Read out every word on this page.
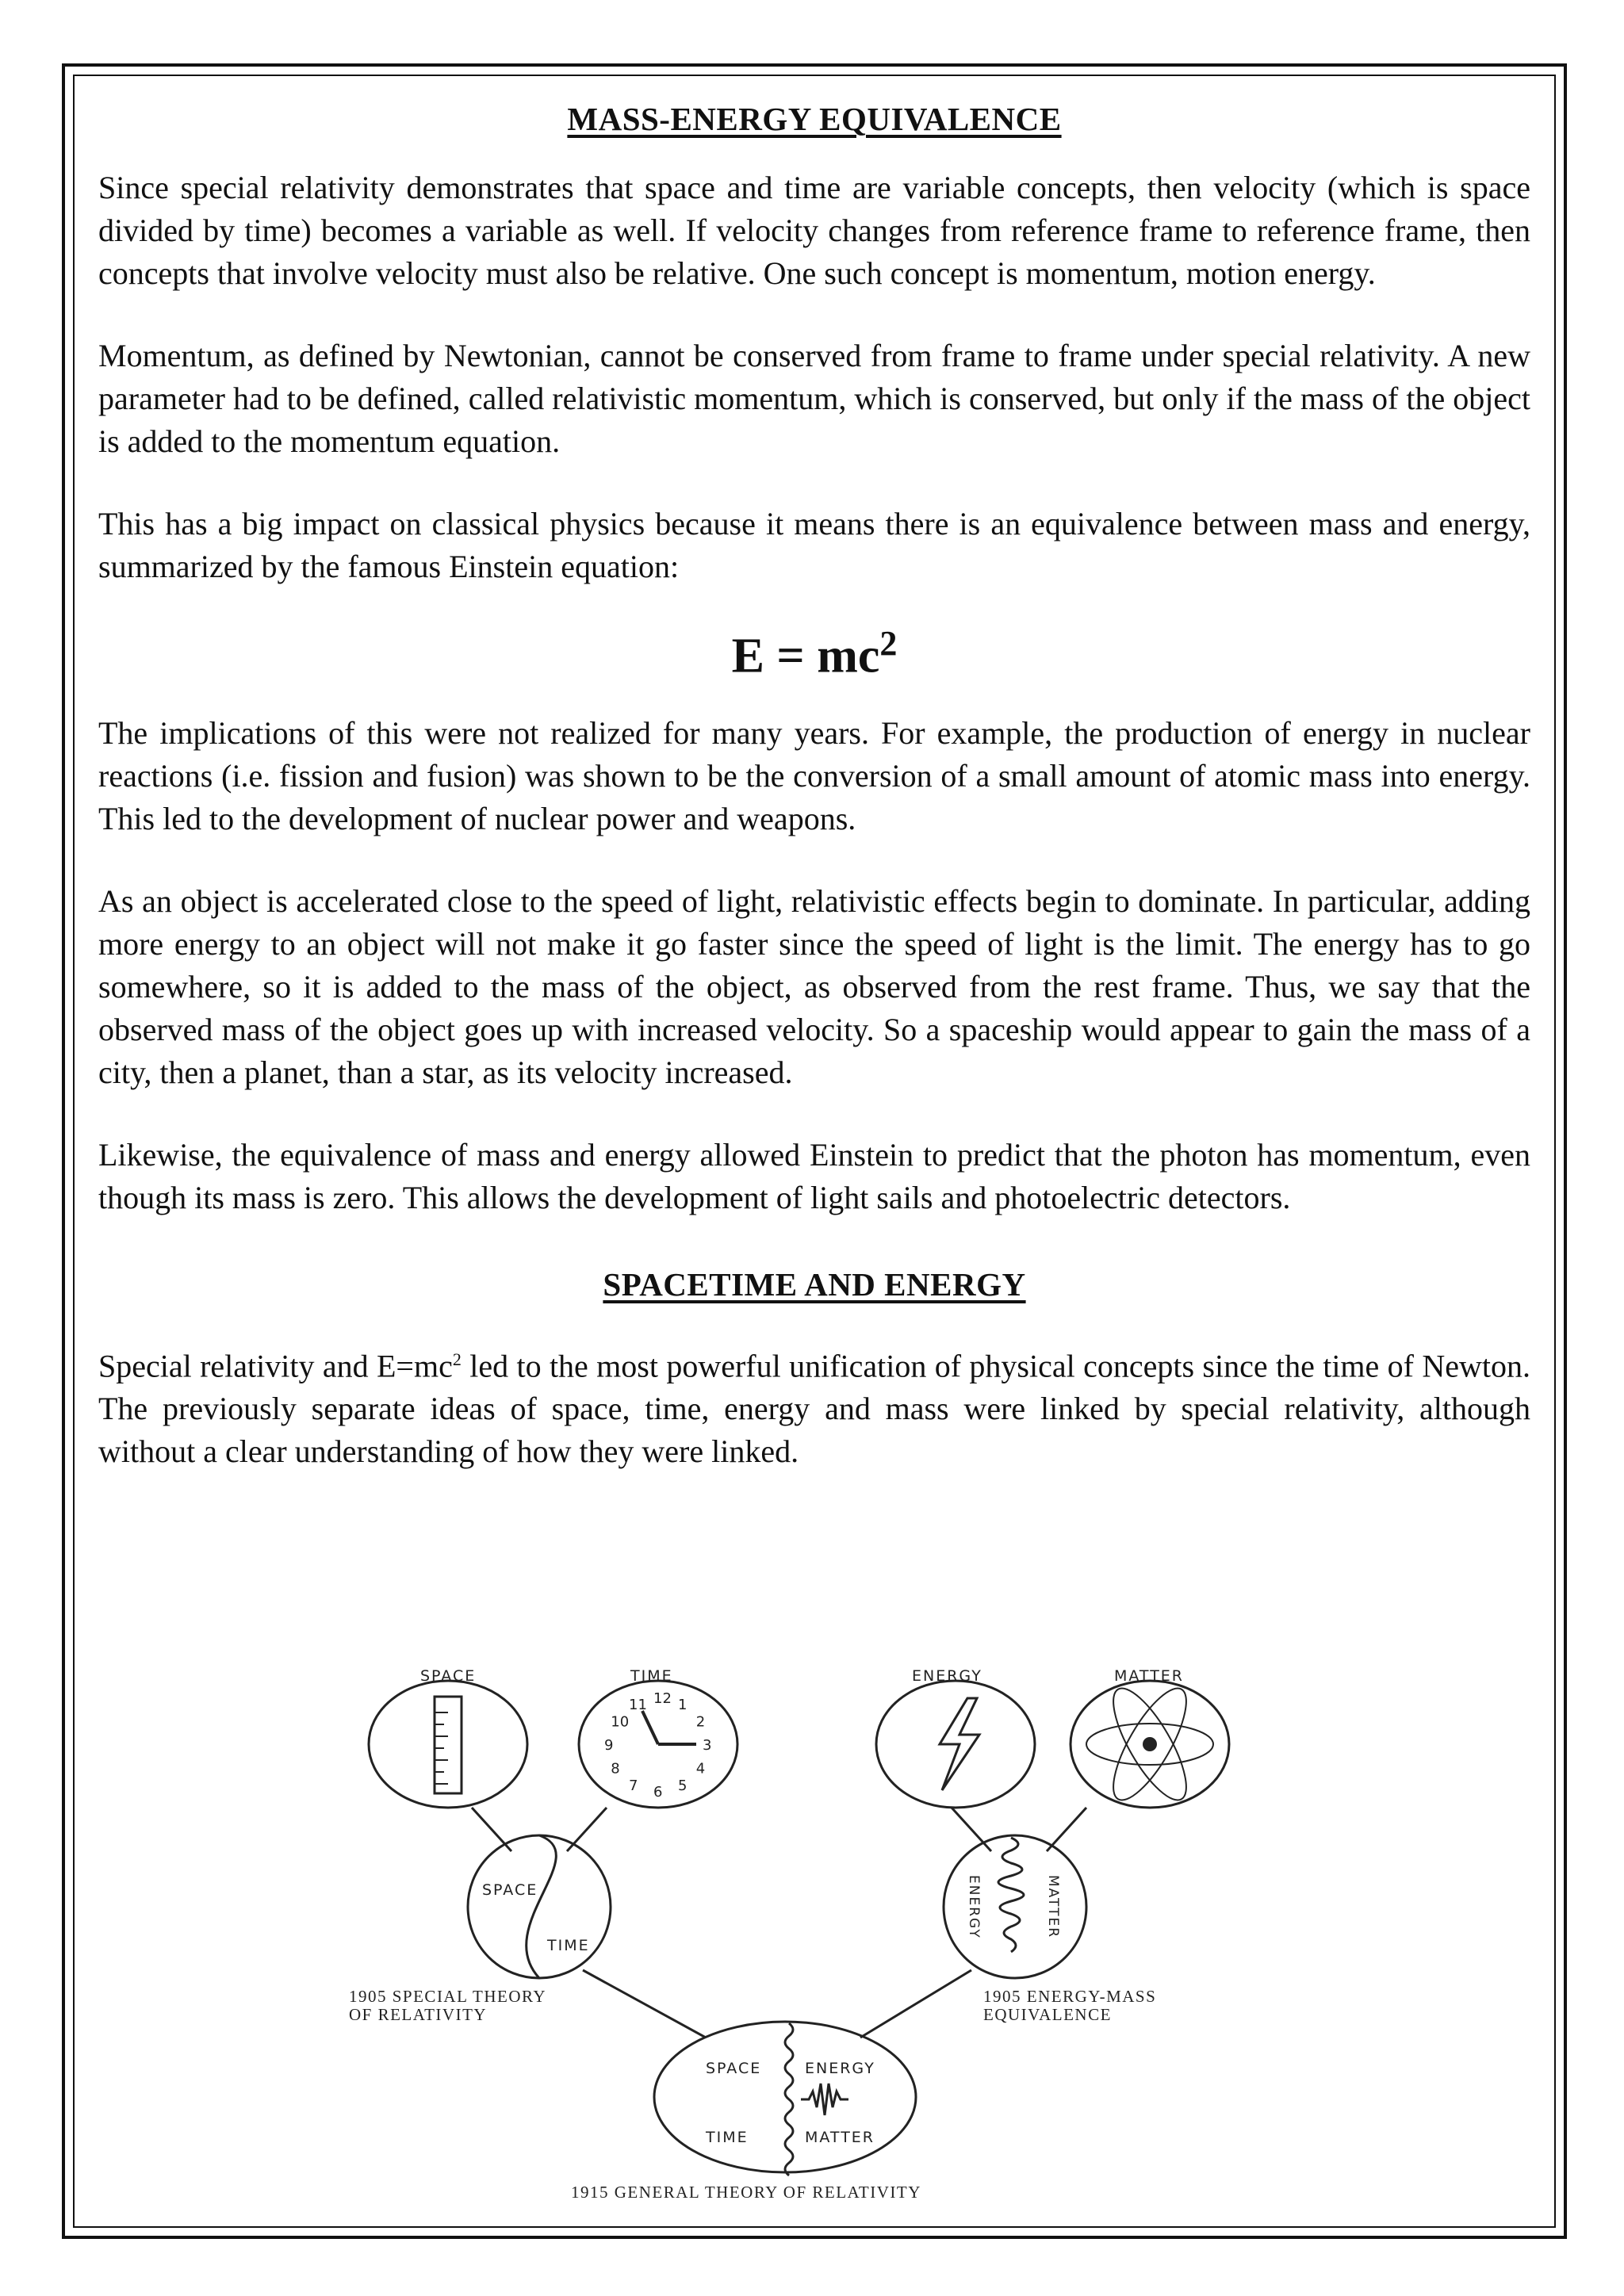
MASS-ENERGY EQUIVALENCE

Since special relativity demonstrates that space and time are variable concepts, then velocity (which is space divided by time) becomes a variable as well. If velocity changes from reference frame to reference frame, then concepts that involve velocity must also be relative. One such concept is momentum, motion energy.

Momentum, as defined by Newtonian, cannot be conserved from frame to frame under special relativity. A new parameter had to be defined, called relativistic momentum, which is conserved, but only if the mass of the object is added to the momentum equation.

This has a big impact on classical physics because it means there is an equivalence between mass and energy, summarized by the famous Einstein equation:

$E = mc^2$

The implications of this were not realized for many years. For example, the production of energy in nuclear reactions (i.e. fission and fusion) was shown to be the conversion of a small amount of atomic mass into energy. This led to the development of nuclear power and weapons.

As an object is accelerated close to the speed of light, relativistic effects begin to dominate. In particular, adding more energy to an object will not make it go faster since the speed of light is the limit. The energy has to go somewhere, so it is added to the mass of the object, as observed from the rest frame. Thus, we say that the observed mass of the object goes up with increased velocity. So a spaceship would appear to gain the mass of a city, then a planet, than a star, as its velocity increased.

Likewise, the equivalence of mass and energy allowed Einstein to predict that the photon has momentum, even though its mass is zero. This allows the development of light sails and photoelectric detectors.

SPACETIME AND ENERGY

Special relativity and $E=mc^2$ led to the most powerful unification of physical concepts since the time of Newton. The previously separate ideas of space, time, energy and mass were linked by special relativity, although without a clear understanding of how they were linked.

SPACE	TIME
12 1
2
3
4
5
6
7
8
9
10
11
ENERGY	MATTER
SPACE
TIME
ENERGY	MATTER
1905 SPECIAL THEORY
OF RELATIVITY
1905 ENERGY-MASS
EQUIVALENCE
SPACE	ENERGY
TIME	MATTER
1915 GENERAL THEORY OF RELATIVITY
